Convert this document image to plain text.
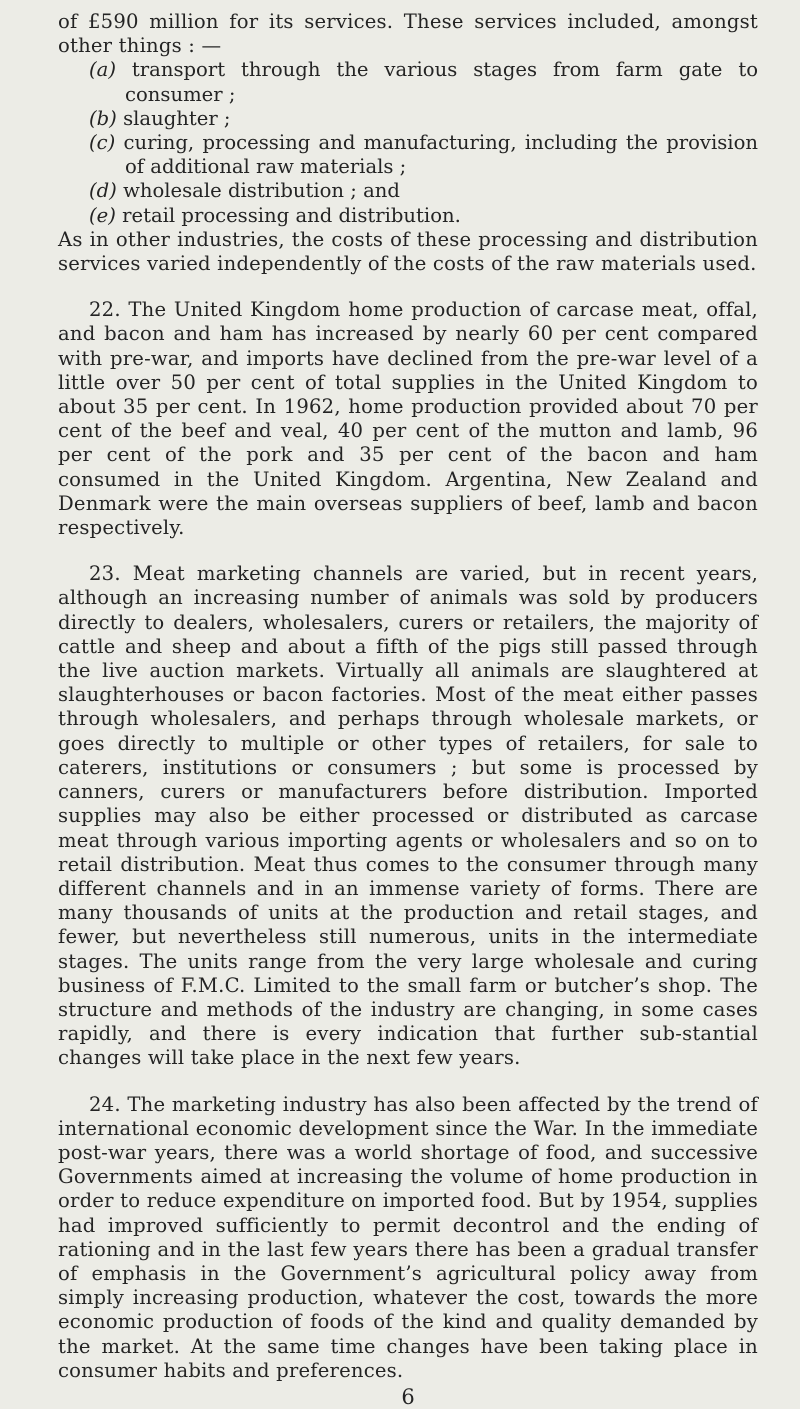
of £590 million for its services. These services included, amongst other things : —

(a) transport through the various stages from farm gate to consumer ;
(b) slaughter ;
(c) curing, processing and manufacturing, including the provision of additional raw materials ;
(d) wholesale distribution ; and
(e) retail processing and distribution.

As in other industries, the costs of these processing and distribution services varied independently of the costs of the raw materials used.

22. The United Kingdom home production of carcase meat, offal, and bacon and ham has increased by nearly 60 per cent compared with pre-war, and imports have declined from the pre-war level of a little over 50 per cent of total supplies in the United Kingdom to about 35 per cent. In 1962, home production provided about 70 per cent of the beef and veal, 40 per cent of the mutton and lamb, 96 per cent of the pork and 35 per cent of the bacon and ham consumed in the United Kingdom. Argentina, New Zealand and Denmark were the main overseas suppliers of beef, lamb and bacon respectively.

23. Meat marketing channels are varied, but in recent years, although an increasing number of animals was sold by producers directly to dealers, wholesalers, curers or retailers, the majority of cattle and sheep and about a fifth of the pigs still passed through the live auction markets. Virtually all animals are slaughtered at slaughterhouses or bacon factories. Most of the meat either passes through wholesalers, and perhaps through wholesale markets, or goes directly to multiple or other types of retailers, for sale to caterers, institutions or consumers ; but some is processed by canners, curers or manufacturers before distribution. Imported supplies may also be either processed or distributed as carcase meat through various importing agents or wholesalers and so on to retail distribution. Meat thus comes to the consumer through many different channels and in an immense variety of forms. There are many thousands of units at the production and retail stages, and fewer, but nevertheless still numerous, units in the intermediate stages. The units range from the very large wholesale and curing business of F.M.C. Limited to the small farm or butcher’s shop. The structure and methods of the industry are changing, in some cases rapidly, and there is every indication that further sub-stantial changes will take place in the next few years.

24. The marketing industry has also been affected by the trend of international economic development since the War. In the immediate post-war years, there was a world shortage of food, and successive Governments aimed at increasing the volume of home production in order to reduce expenditure on imported food. But by 1954, supplies had improved sufficiently to permit decontrol and the ending of rationing and in the last few years there has been a gradual transfer of emphasis in the Government’s agricultural policy away from simply increasing production, whatever the cost, towards the more economic production of foods of the kind and quality demanded by the market. At the same time changes have been taking place in consumer habits and preferences.

6
